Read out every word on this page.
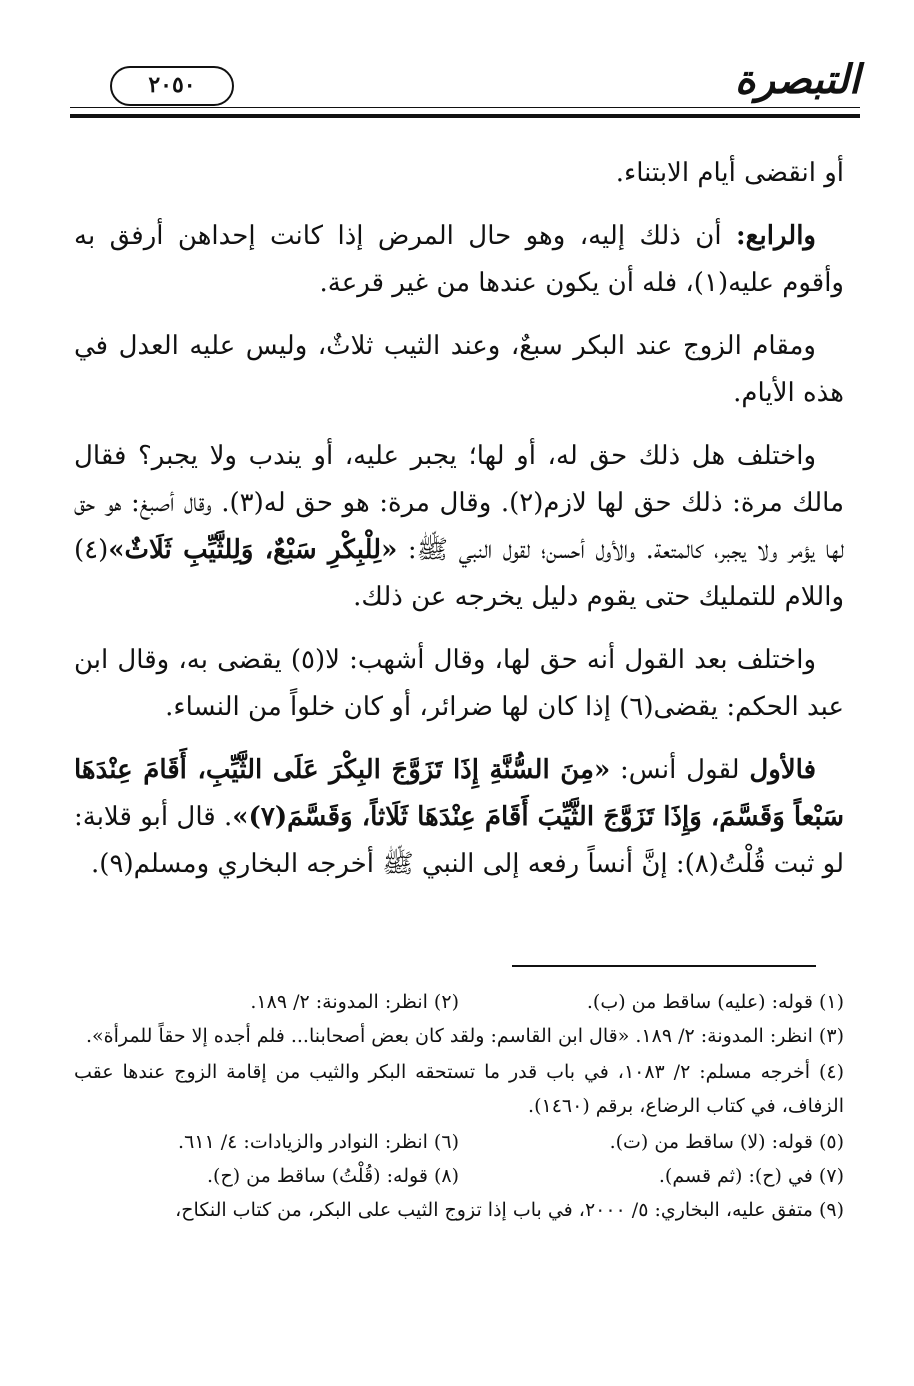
٢٠٥٠	التبصرة

أو انقضى أيام الابتناء.

والرابع: أن ذلك إليه، وهو حال المرض إذا كانت إحداهن أرفق به وأقوم عليه(١)، فله أن يكون عندها من غير قرعة.

ومقام الزوج عند البكر سبعٌ، وعند الثيب ثلاثٌ، وليس عليه العدل في هذه الأيام.

واختلف هل ذلك حق له، أو لها؛ يجبر عليه، أو يندب ولا يجبر؟ فقال مالك مرة: ذلك حق لها لازم(٢). وقال مرة: هو حق له(٣). وقال أصبغ: هو حق لها يؤمر ولا يجبر، كالمتعة. والأول أحسن؛ لقول النبي ﷺ: «لِلْبِكْرِ سَبْعٌ، وَلِلثَّيِّبِ ثَلَاثٌ»(٤) واللام للتمليك حتى يقوم دليل يخرجه عن ذلك.

واختلف بعد القول أنه حق لها، وقال أشهب: لا(٥) يقضى به، وقال ابن عبد الحكم: يقضى(٦) إذا كان لها ضرائر، أو كان خلواً من النساء.

فالأول لقول أنس: «مِنَ السُّنَّةِ إِذَا تَزَوَّجَ البِكْرَ عَلَى الثَّيِّبِ، أَقَامَ عِنْدَهَا سَبْعاً وَقَسَّمَ، وَإِذَا تَزَوَّجَ الثَّيِّبَ أَقَامَ عِنْدَهَا ثَلَاثاً، وَقَسَّمَ(٧)». قال أبو قلابة: لو ثبت قُلْتُ(٨): إنَّ أنساً رفعه إلى النبي ﷺ أخرجه البخاري ومسلم(٩).

(١) قوله: (عليه) ساقط من (ب).
(٢) انظر: المدونة: ٢/ ١٨٩.
(٣) انظر: المدونة: ٢/ ١٨٩. «قال ابن القاسم: ولقد كان بعض أصحابنا... فلم أجده إلا حقاً للمرأة».
(٤) أخرجه مسلم: ٢/ ١٠٨٣، في باب قدر ما تستحقه البكر والثيب من إقامة الزوج عندها عقب الزفاف، في كتاب الرضاع، برقم (١٤٦٠).
(٥) قوله: (لا) ساقط من (ت).
(٦) انظر: النوادر والزيادات: ٤/ ٦١١.
(٧) في (ح): (ثم قسم).
(٨) قوله: (قُلْتُ) ساقط من (ح).
(٩) متفق عليه، البخاري: ٥/ ٢٠٠٠، في باب إذا تزوج الثيب على البكر، من كتاب النكاح،
